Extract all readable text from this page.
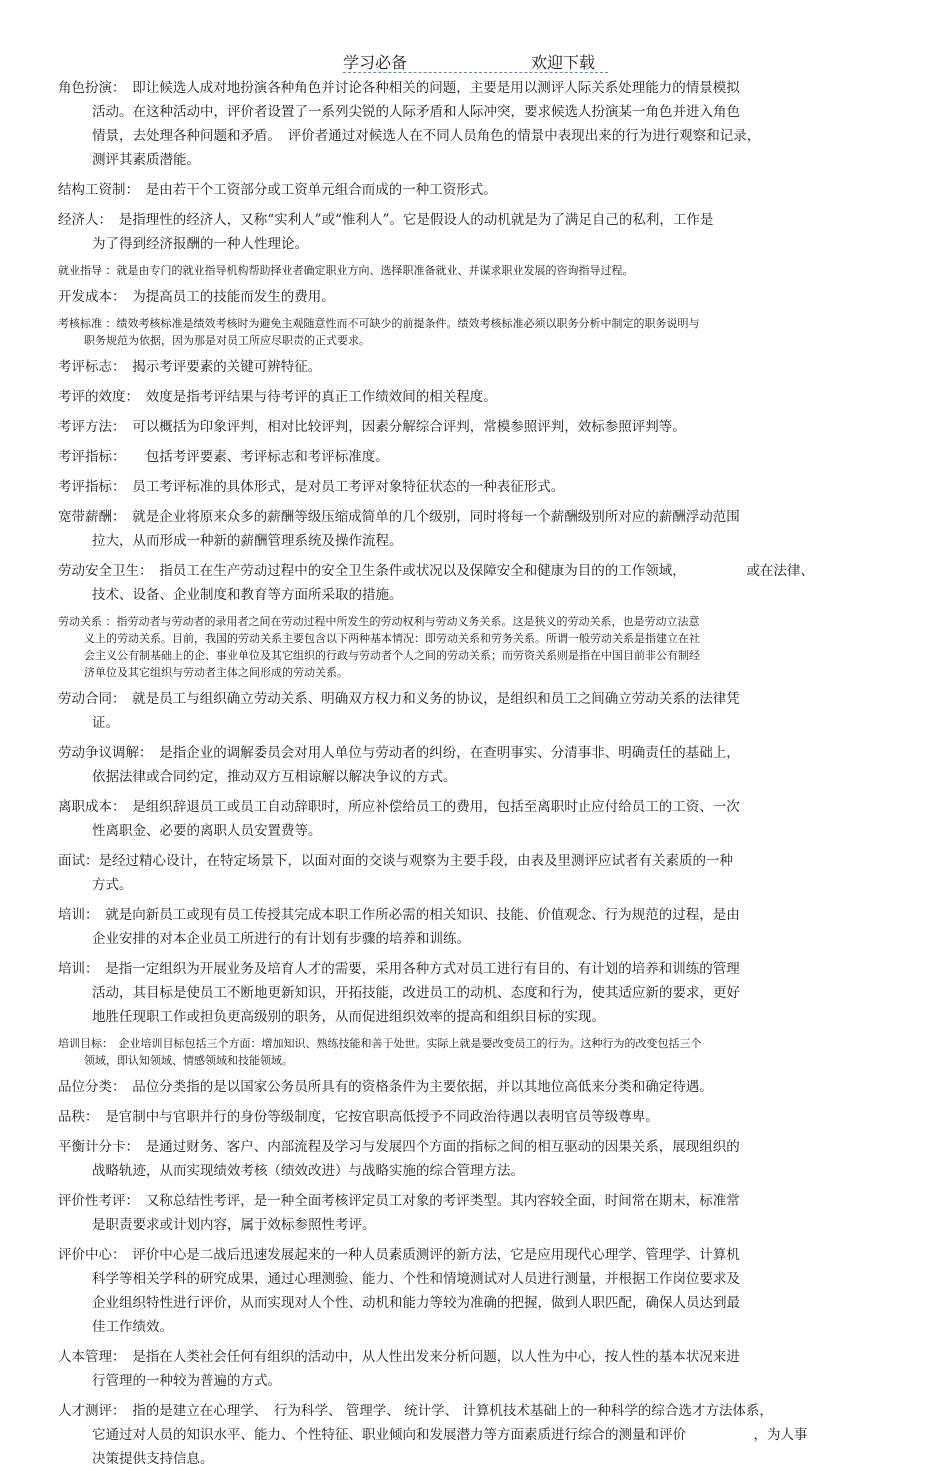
学习必备	欢迎下载
角色扮演：　即让候选人成对地扮演各种角色并讨论各种相关的问题，主要是用以测评人际关系处理能力的情景模拟
活动。在这种活动中，评价者设置了一系列尖锐的人际矛盾和人际冲突，要求候选人扮演某一角色并进入角色
情景，去处理各种问题和矛盾。　评价者通过对候选人在不同人员角色的情景中表现出来的行为进行观察和记录，
测评其素质潜能。
结构工资制：　是由若干个工资部分或工资单元组合而成的一种工资形式。
经济人：　是指理性的经济人，又称“实利人”或“惟利人”。它是假设人的动机就是为了满足自己的私利，工作是
为了得到经济报酬的一种人性理论。
就业指导 ：就是由专门的就业指导机构帮助择业者确定职业方向、选择职准备就业、并谋求职业发展的咨询指导过程。
开发成本：　为提高员工的技能而发生的费用。
考核标准 ：绩效考核标准是绩效考核时为避免主观随意性而不可缺少的前提条件。绩效考核标准必须以职务分析中制定的职务说明与
职务规范为依据，因为那是对员工所应尽职责的正式要求。
考评标志：　揭示考评要素的关键可辨特征。
考评的效度：　效度是指考评结果与待考评的真正工作绩效间的相关程度。
考评方法：　可以概括为印象评判，相对比较评判，因素分解综合评判，常模参照评判，效标参照评判等。
考评指标：　　包括考评要素、考评标志和考评标准度。
考评指标：　员工考评标准的具体形式，是对员工考评对象特征状态的一种表征形式。
宽带薪酬：　就是企业将原来众多的薪酬等级压缩成简单的几个级别，同时将每一个薪酬级别所对应的薪酬浮动范围
拉大，从而形成一种新的薪酬管理系统及操作流程。
劳动安全卫生：　指员工在生产劳动过程中的安全卫生条件或状况以及保障安全和健康为目的的工作领域，　　　　　或在法律、
技术、设备、企业制度和教育等方面所采取的措施。
劳动关系 ：指劳动者与劳动者的录用者之间在劳动过程中所发生的劳动权利与劳动义务关系。这是狭义的劳动关系，也是劳动立法意
义上的劳动关系。目前，我国的劳动关系主要包含以下两种基本情况：即劳动关系和劳务关系。所谓一般劳动关系是指建立在社
会主义公有制基础上的企、事业单位及其它组织的行政与劳动者个人之间的劳动关系；而劳资关系则是指在中国目前非公有制经
济单位及其它组织与劳动者主体之间形成的劳动关系。
劳动合同：　就是员工与组织确立劳动关系、明确双方权力和义务的协议，是组织和员工之间确立劳动关系的法律凭
证。
劳动争议调解：　是指企业的调解委员会对用人单位与劳动者的纠纷，在查明事实、分清事非、明确责任的基础上，
依据法律或合同约定，推动双方互相谅解以解决争议的方式。
离职成本：　是组织辞退员工或员工自动辞职时，所应补偿给员工的费用，包括至离职时止应付给员工的工资、一次
性离职金、必要的离职人员安置费等。
面试：是经过精心设计，在特定场景下，以面对面的交谈与观察为主要手段，由表及里测评应试者有关素质的一种
方式。
培训：　就是向新员工或现有员工传授其完成本职工作所必需的相关知识、技能、价值观念、行为规范的过程，是由
企业安排的对本企业员工所进行的有计划有步骤的培养和训练。
培训：　是指一定组织为开展业务及培育人才的需要，采用各种方式对员工进行有目的、有计划的培养和训练的管理
活动，其目标是使员工不断地更新知识，开拓技能，改进员工的动机、态度和行为，使其适应新的要求，更好
地胜任现职工作或担负更高级别的职务，从而促进组织效率的提高和组织目标的实现。
培训目标：　企业培训目标包括三个方面：增加知识、熟练技能和善于处世。实际上就是要改变员工的行为。这种行为的改变包括三个
领域，即认知领域、情感领域和技能领域。
品位分类：　品位分类指的是以国家公务员所具有的资格条件为主要依据，并以其地位高低来分类和确定待遇。
品秩：　是官制中与官职并行的身份等级制度，它按官职高低授予不同政治待遇以表明官员等级尊卑。
平衡计分卡：　是通过财务、客户、内部流程及学习与发展四个方面的指标之间的相互驱动的因果关系，展现组织的
战略轨迹，从而实现绩效考核（绩效改进）与战略实施的综合管理方法。
评价性考评：　又称总结性考评，是一种全面考核评定员工对象的考评类型。其内容较全面，时间常在期末，标准常
是职责要求或计划内容，属于效标参照性考评。
评价中心：　评价中心是二战后迅速发展起来的一种人员素质测评的新方法，它是应用现代心理学、管理学、计算机
科学等相关学科的研究成果，通过心理测验、能力、个性和情境测试对人员进行测量，并根据工作岗位要求及
企业组织特性进行评价，从而实现对人个性、动机和能力等较为准确的把握，做到人职匹配，确保人员达到最
佳工作绩效。
人本管理：　是指在人类社会任何有组织的活动中，从人性出发来分析问题，以人性为中心，按人性的基本状况来进
行管理的一种较为普遍的方式。
人才测评：　指的是建立在心理学、　行为科学、 管理学、 统计学、 计算机技术基础上的一种科学的综合选才方法体系，
它通过对人员的知识水平、能力、个性特征、职业倾向和发展潜力等方面素质进行综合的测量和评价　　　　　，为人事
决策提供支持信息。
